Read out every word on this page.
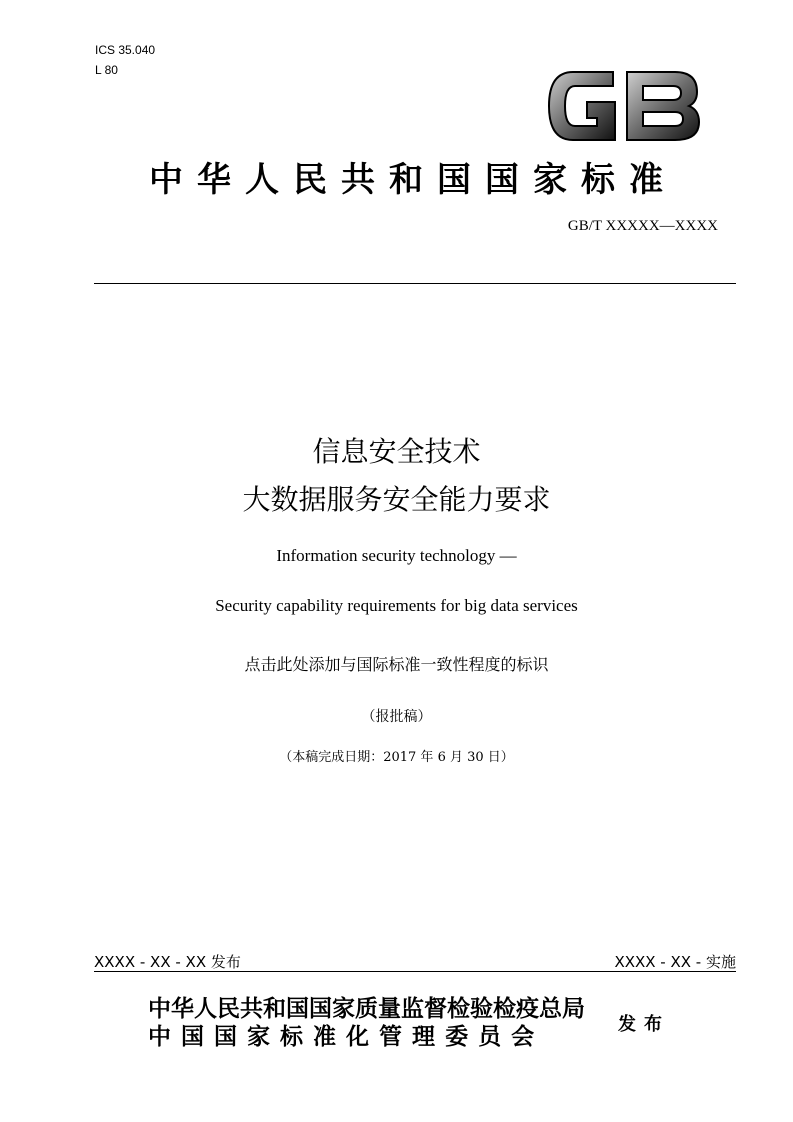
ICS 35.040
L 80
中华人民共和国国家标准
GB/T XXXXX—XXXX
信息安全技术
大数据服务安全能力要求
Information security technology —
Security capability requirements for big data services
点击此处添加与国际标准一致性程度的标识
（报批稿）
（本稿完成日期：2017 年 6 月 30 日）
XXXX - XX - XX 发布	XXXX - XX - 实施
中华人民共和国国家质量监督检验检疫总局
中 国 国 家 标 准 化 管 理 委 员 会	发布
